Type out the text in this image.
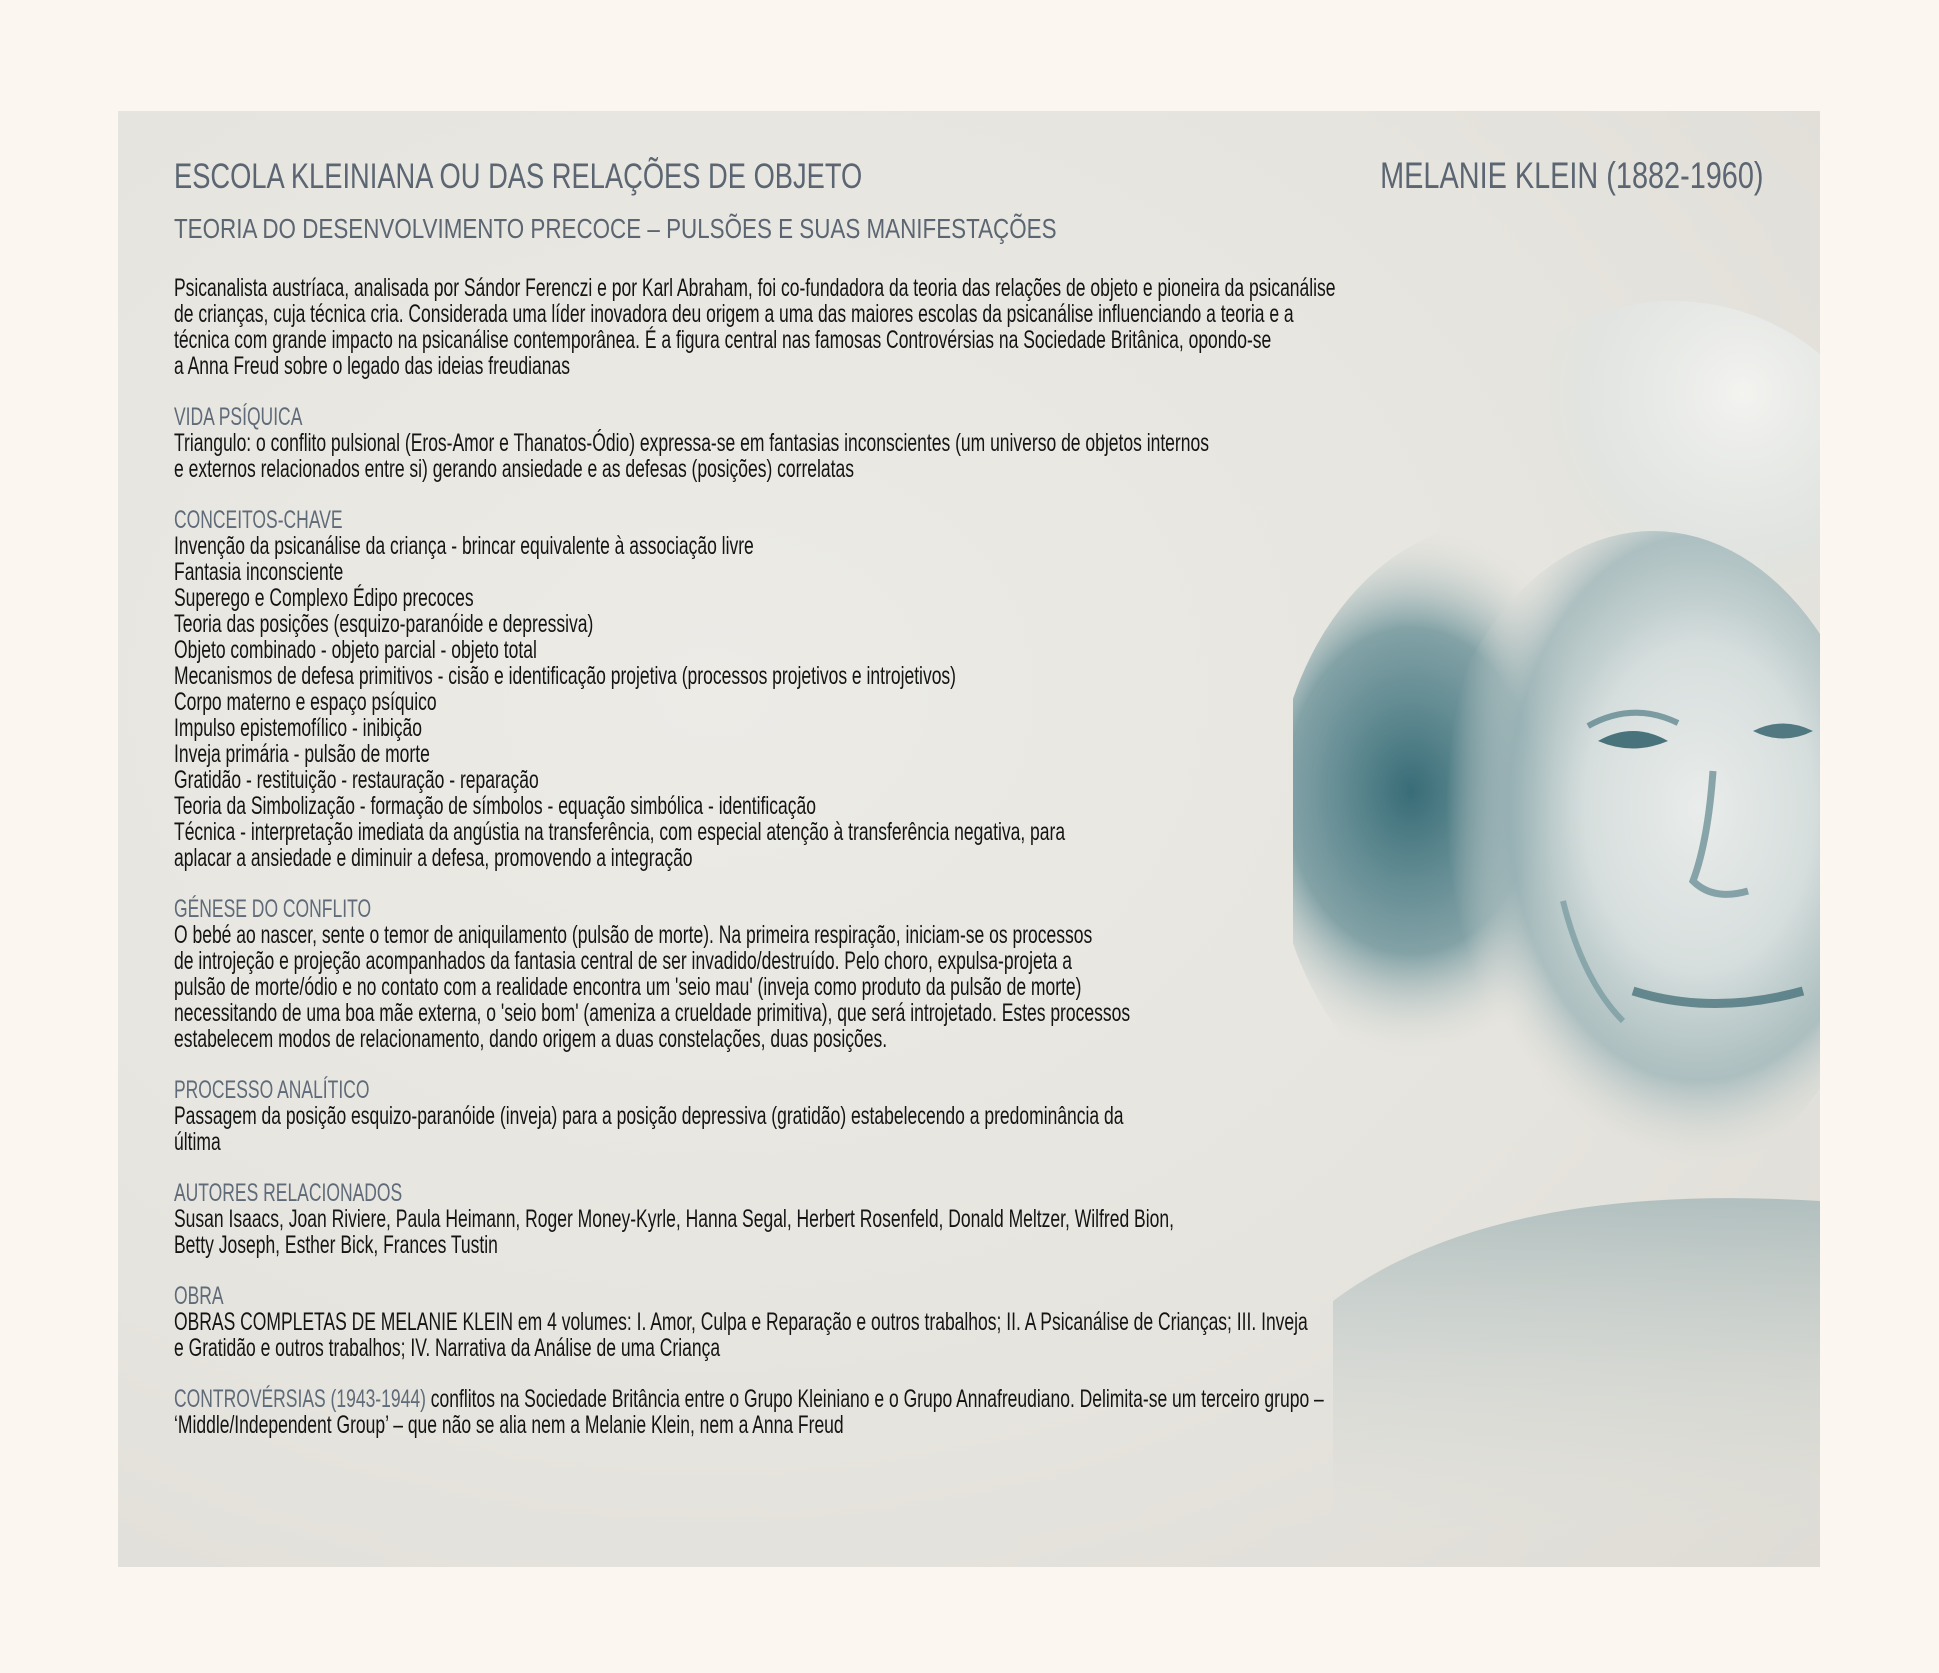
ESCOLA KLEINIANA OU DAS RELAÇÕES DE OBJETO	MELANIE KLEIN (1882-1960)
TEORIA DO DESENVOLVIMENTO PRECOCE – PULSÕES E SUAS MANIFESTAÇÕES
Psicanalista austríaca, analisada por Sándor Ferenczi e por Karl Abraham, foi co-fundadora da teoria das relações de objeto e pioneira da psicanálise
de crianças, cuja técnica cria. Considerada uma líder inovadora deu origem a uma das maiores escolas da psicanálise influenciando a teoria e a
técnica com grande impacto na psicanálise contemporânea. É a figura central nas famosas Controvérsias na Sociedade Britânica, opondo-se
a Anna Freud sobre o legado das ideias freudianas

VIDA PSÍQUICA

Triangulo: o conflito pulsional (Eros-Amor e Thanatos-Ódio) expressa-se em fantasias inconscientes (um universo de objetos internos
e externos relacionados entre si) gerando ansiedade e as defesas (posições) correlatas

CONCEITOS-CHAVE

Invenção da psicanálise da criança - brincar equivalente à associação livre
Fantasia inconsciente
Superego e Complexo Édipo precoces
Teoria das posições (esquizo-paranóide e depressiva)
Objeto combinado - objeto parcial - objeto total
Mecanismos de defesa primitivos - cisão e identificação projetiva (processos projetivos e introjetivos)
Corpo materno e espaço psíquico
Impulso epistemofílico - inibição
Inveja primária - pulsão de morte
Gratidão - restituição - restauração - reparação
Teoria da Simbolização - formação de símbolos - equação simbólica - identificação
Técnica - interpretação imediata da angústia na transferência, com especial atenção à transferência negativa, para
aplacar a ansiedade e diminuir a defesa, promovendo a integração

GÉNESE DO CONFLITO

O bebé ao nascer, sente o temor de aniquilamento (pulsão de morte). Na primeira respiração, iniciam-se os processos
de introjeção e projeção acompanhados da fantasia central de ser invadido/destruído. Pelo choro, expulsa-projeta a
pulsão de morte/ódio e no contato com a realidade encontra um 'seio mau' (inveja como produto da pulsão de morte)
necessitando de uma boa mãe externa, o 'seio bom' (ameniza a crueldade primitiva), que será introjetado. Estes processos
estabelecem modos de relacionamento, dando origem a duas constelações, duas posições.

PROCESSO ANALÍTICO

Passagem da posição esquizo-paranóide (inveja) para a posição depressiva (gratidão) estabelecendo a predominância da
última

AUTORES RELACIONADOS

Susan Isaacs, Joan Riviere, Paula Heimann, Roger Money-Kyrle, Hanna Segal, Herbert Rosenfeld, Donald Meltzer, Wilfred Bion,
Betty Joseph, Esther Bick, Frances Tustin

OBRA

OBRAS COMPLETAS DE MELANIE KLEIN em 4 volumes: I. Amor, Culpa e Reparação e outros trabalhos; II. A Psicanálise de Crianças; III. Inveja
e Gratidão e outros trabalhos; IV. Narrativa da Análise de uma Criança
CONTROVÉRSIAS (1943-1944) conflitos na Sociedade Britância entre o Grupo Kleiniano e o Grupo Annafreudiano. Delimita-se um terceiro grupo –
‘Middle/Independent Group’ – que não se alia nem a Melanie Klein, nem a Anna Freud
